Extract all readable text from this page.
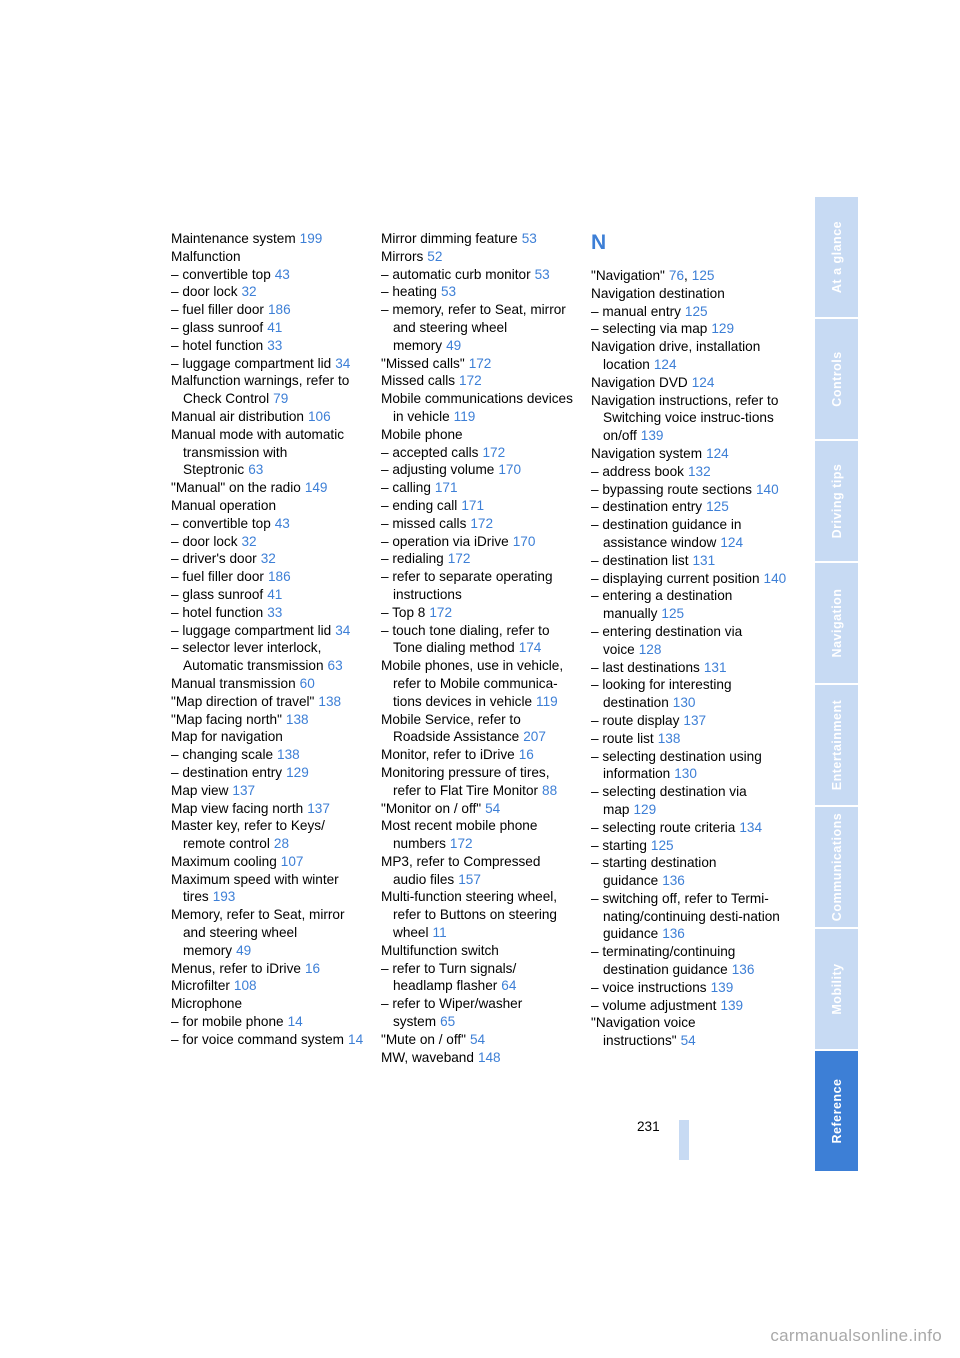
Maintenance system 199
Malfunction
– convertible top 43
– door lock 32
– fuel filler door 186
– glass sunroof 41
– hotel function 33
– luggage compartment lid 34
Malfunction warnings, refer to Check Control 79
Manual air distribution 106
Manual mode with automatic transmission with Steptronic 63
"Manual" on the radio 149
Manual operation
– convertible top 43
– door lock 32
– driver's door 32
– fuel filler door 186
– glass sunroof 41
– hotel function 33
– luggage compartment lid 34
– selector lever interlock, Automatic transmission 63
Manual transmission 60
"Map direction of travel" 138
"Map facing north" 138
Map for navigation
– changing scale 138
– destination entry 129
Map view 137
Map view facing north 137
Master key, refer to Keys/ remote control 28
Maximum cooling 107
Maximum speed with winter tires 193
Memory, refer to Seat, mirror and steering wheel memory 49
Menus, refer to iDrive 16
Microfilter 108
Microphone
– for mobile phone 14
– for voice command system 14
Mirror dimming feature 53
Mirrors 52
– automatic curb monitor 53
– heating 53
– memory, refer to Seat, mirror and steering wheel memory 49
"Missed calls" 172
Missed calls 172
Mobile communications devices in vehicle 119
Mobile phone
– accepted calls 172
– adjusting volume 170
– calling 171
– ending call 171
– missed calls 172
– operation via iDrive 170
– redialing 172
– refer to separate operating instructions
– Top 8 172
– touch tone dialing, refer to Tone dialing method 174
Mobile phones, use in vehicle, refer to Mobile communica-tions devices in vehicle 119
Mobile Service, refer to Roadside Assistance 207
Monitor, refer to iDrive 16
Monitoring pressure of tires, refer to Flat Tire Monitor 88
"Monitor on / off" 54
Most recent mobile phone numbers 172
MP3, refer to Compressed audio files 157
Multi-function steering wheel, refer to Buttons on steering wheel 11
Multifunction switch
– refer to Turn signals/ headlamp flasher 64
– refer to Wiper/washer system 65
"Mute on / off" 54
MW, waveband 148
N
"Navigation" 76, 125
Navigation destination
– manual entry 125
– selecting via map 129
Navigation drive, installation location 124
Navigation DVD 124
Navigation instructions, refer to Switching voice instruc-tions on/off 139
Navigation system 124
– address book 132
– bypassing route sections 140
– destination entry 125
– destination guidance in assistance window 124
– destination list 131
– displaying current position 140
– entering a destination manually 125
– entering destination via voice 128
– last destinations 131
– looking for interesting destination 130
– route display 137
– route list 138
– selecting destination using information 130
– selecting destination via map 129
– selecting route criteria 134
– starting 125
– starting destination guidance 136
– switching off, refer to Termi-nating/continuing desti-nation guidance 136
– terminating/continuing destination guidance 136
– voice instructions 139
– volume adjustment 139
"Navigation voice instructions" 54
At a glance
Controls
Driving tips
Navigation
Entertainment
Communications
Mobility
Reference
231
carmanualsonline.info
